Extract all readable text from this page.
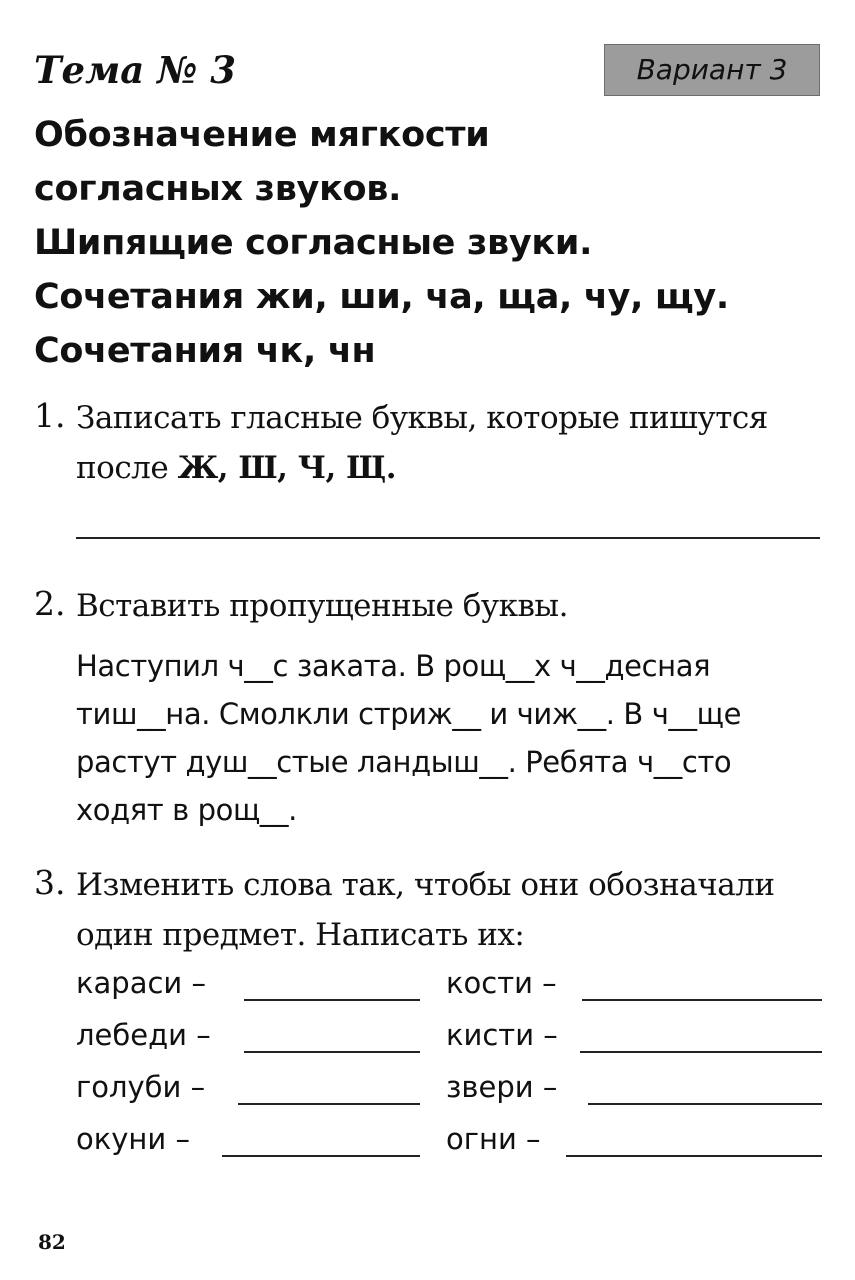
Тема № 3	Вариант 3
Обозначение мягкости
согласных звуков.
Шипящие согласные звуки.
Сочетания жи, ши, ча, ща, чу, щу.
Сочетания чк, чн
1. Записать гласные буквы, которые пишутся
после Ж, Ш, Ч, Щ.
2. Вставить пропущенные буквы.
Наступил ч__с заката. В рощ__х ч__десная
тиш__на. Смолкли стриж__ и чиж__. В ч__ще
растут душ__стые ландыш__. Ребята ч__сто
ходят в рощ__.
3. Изменить слова так, чтобы они обозначали
один предмет. Написать их:
караси –
лебеди –
голуби –
окуни –
кости –
кисти –
звери –
огни –
82
